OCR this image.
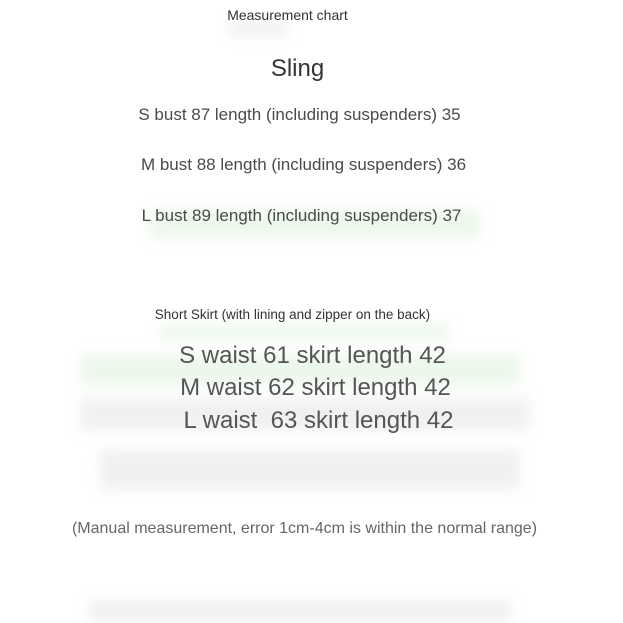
Measurement chart
Sling
S bust 87 length (including suspenders) 35
M bust 88 length (including suspenders) 36
L bust 89 length (including suspenders) 37
Short Skirt (with lining and zipper on the back)
S waist 61 skirt length 42
M waist 62 skirt length 42
L waist  63 skirt length 42
(Manual measurement, error 1cm-4cm is within the normal range)
